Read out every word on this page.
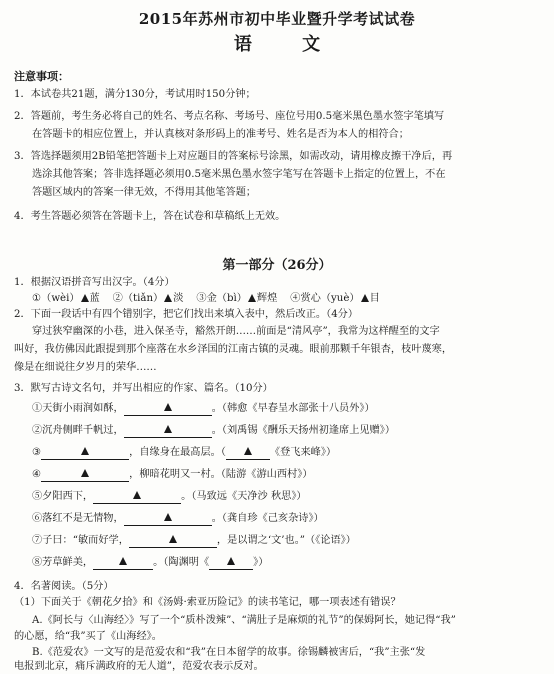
2015年苏州市初中毕业暨升学考试试卷
语 文
注意事项：
1．本试卷共21题，满分130分，考试用时150分钟；
2．答题前，考生务必将自己的姓名、考点名称、考场号、座位号用0.5毫米黑色墨水签字笔填写
在答题卡的相应位置上，并认真核对条形码上的准考号、姓名是否为本人的相符合；
3．答选择题须用2B铅笔把答题卡上对应题目的答案标号涂黑，如需改动，请用橡皮擦干净后，再
选涂其他答案；答非选择题必须用0.5毫米黑色墨水签字笔写在答题卡上指定的位置上，不在
答题区域内的答案一律无效，不得用其他笔答题；
4．考生答题必须答在答题卡上，答在试卷和草稿纸上无效。
第一部分（26分）
1．根据汉语拼音写出汉字。（4分）
①（wèi） 蓝 ②（tiǎn） 淡 ③金（bì） 辉煌 ④赏心（yuè） 目
2．下面一段话中有四个错别字，把它们找出来填入表中，然后改正。（4分）
穿过狭窄幽深的小巷，进入保圣寺，豁然开朗……前面是“清风亭”，我常为这样醒至的文字
叫好，我仿佛因此跟提到那个座落在水乡泽国的江南古镇的灵魂。眼前那颗千年银杏，枝叶蔑寒，
像是在细说往夕岁月的荣华……
3．默写古诗文名句，并写出相应的作家、篇名。（10分）
①天街小雨润如酥，	。（韩愈《早春呈水部张十八员外》）
②沉舟侧畔千帆过，	。（刘禹锡《酬乐天扬州初逢席上见赠》）
③	，自缘身在最高层。（	《登飞来峰》）
④	，柳暗花明又一村。（陆游《游山西村》）
⑤夕阳西下，	。（马致远《天净沙 秋思》）
⑥落红不是无情物，	。（龚自珍《己亥杂诗》）
⑦子曰：“敏而好学，	，是以谓之‘文’也。”（《论语》）
⑧芳草鲜美，	。（陶渊明《	》）
4．名著阅读。（5分）
（1）下面关于《朝花夕拾》和《汤姆·索亚历险记》的读书笔记，哪一项表述有错误？
A.《阿长与〈山海经〉》写了一个“质朴泼辣”、“满肚子是麻烦的礼节”的保姆阿长，她记得“我”
的心愿，给“我”买了《山海经》。
B.《范爱农》一文写的是范爱农和“我”在日本留学的故事。徐锡麟被害后，“我”主张“发
电报到北京，痛斥满政府的无人道”，范爱农表示反对。
